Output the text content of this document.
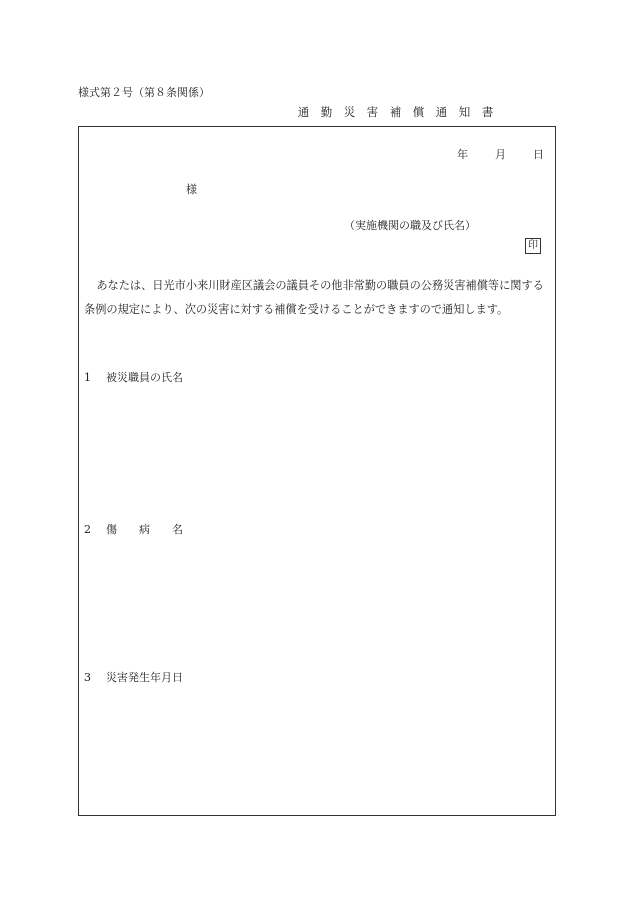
様式第２号（第８条関係）
通　勤　災　害　補　償　通　知　書
年 月 日
様
（実施機関の職及び氏名）
印

あなたは、日光市小来川財産区議会の議員その他非常勤の職員の公務災害補償等に関する条例の規定により、次の災害に対する補償を受けることができますので通知します。

1 被災職員の氏名
2 傷　　病　　名
3 災害発生年月日
